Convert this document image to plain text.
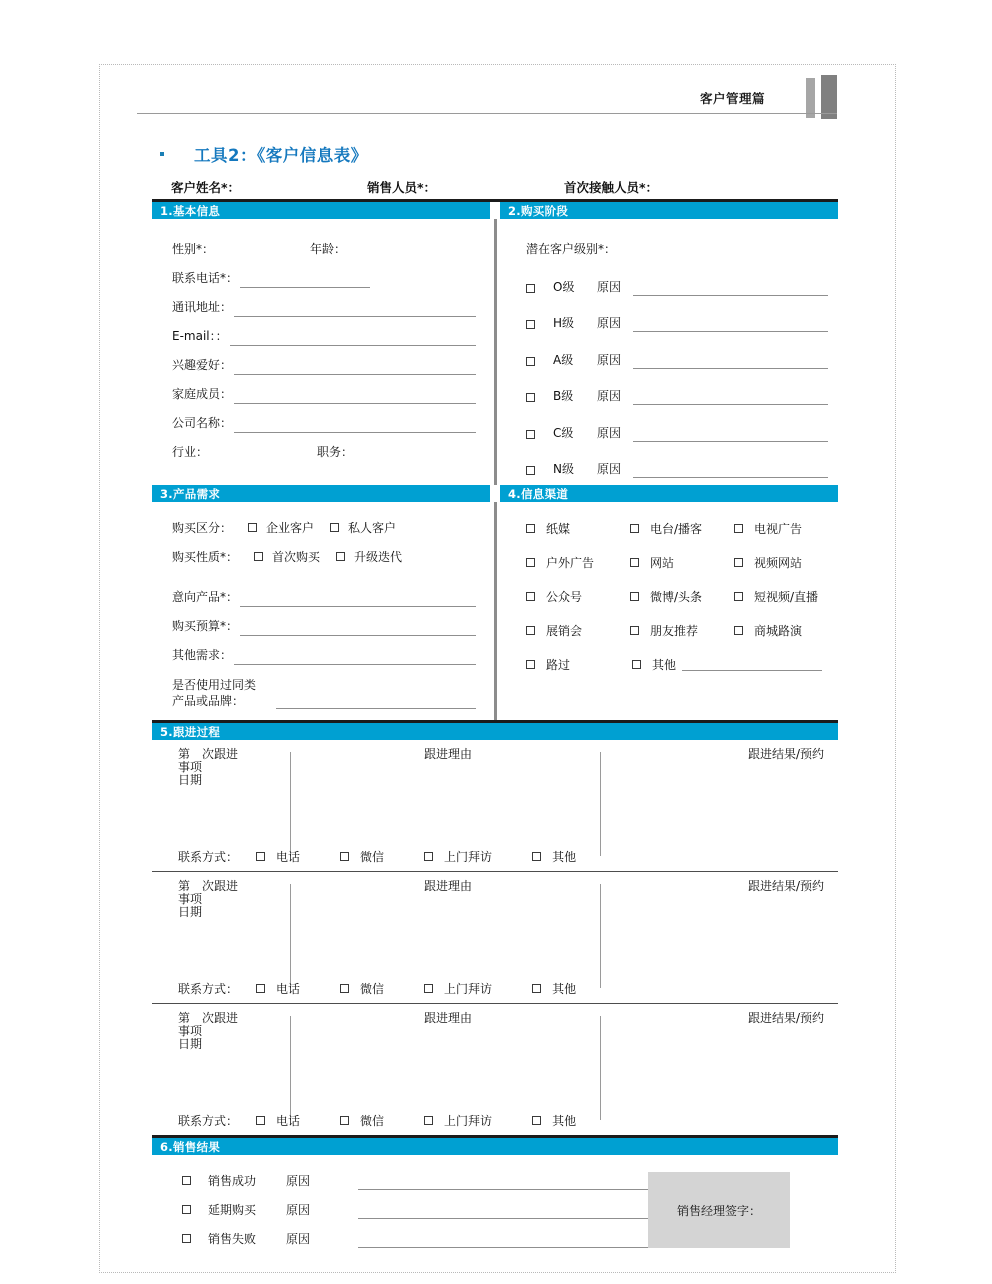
客户管理篇
工具2：《客户信息表》
客户姓名*：	销售人员*：	首次接触人员*：
1.基本信息	2.购买阶段
性别*：	年龄：
联系电话*：
通讯地址：
E-mail：：
兴趣爱好：
家庭成员：
公司名称：
行业：	职务：
潜在客户级别*：
O级	原因
H级	原因
A级	原因
B级	原因
C级	原因
N级	原因
3.产品需求	4.信息渠道
购买区分：	企业客户	私人客户
购买性质*：	首次购买	升级迭代
意向产品*：
购买预算*：
其他需求：
是否使用过同类
产品或品牌：
纸媒	电台/播客	电视广告
户外广告	网站	视频网站
公众号	微博/头条	短视频/直播
展销会	朋友推荐	商城路演
路过	其他
5.跟进过程
第　次跟进
事项
日期
跟进理由	跟进结果/预约
联系方式：	电话	微信	上门拜访	其他
第　次跟进
事项
日期
跟进理由	跟进结果/预约
联系方式：	电话	微信	上门拜访	其他
第　次跟进
事项
日期
跟进理由	跟进结果/预约
联系方式：	电话	微信	上门拜访	其他
6.销售结果
销售成功	原因
延期购买	原因
销售失败	原因
销售经理签字：
